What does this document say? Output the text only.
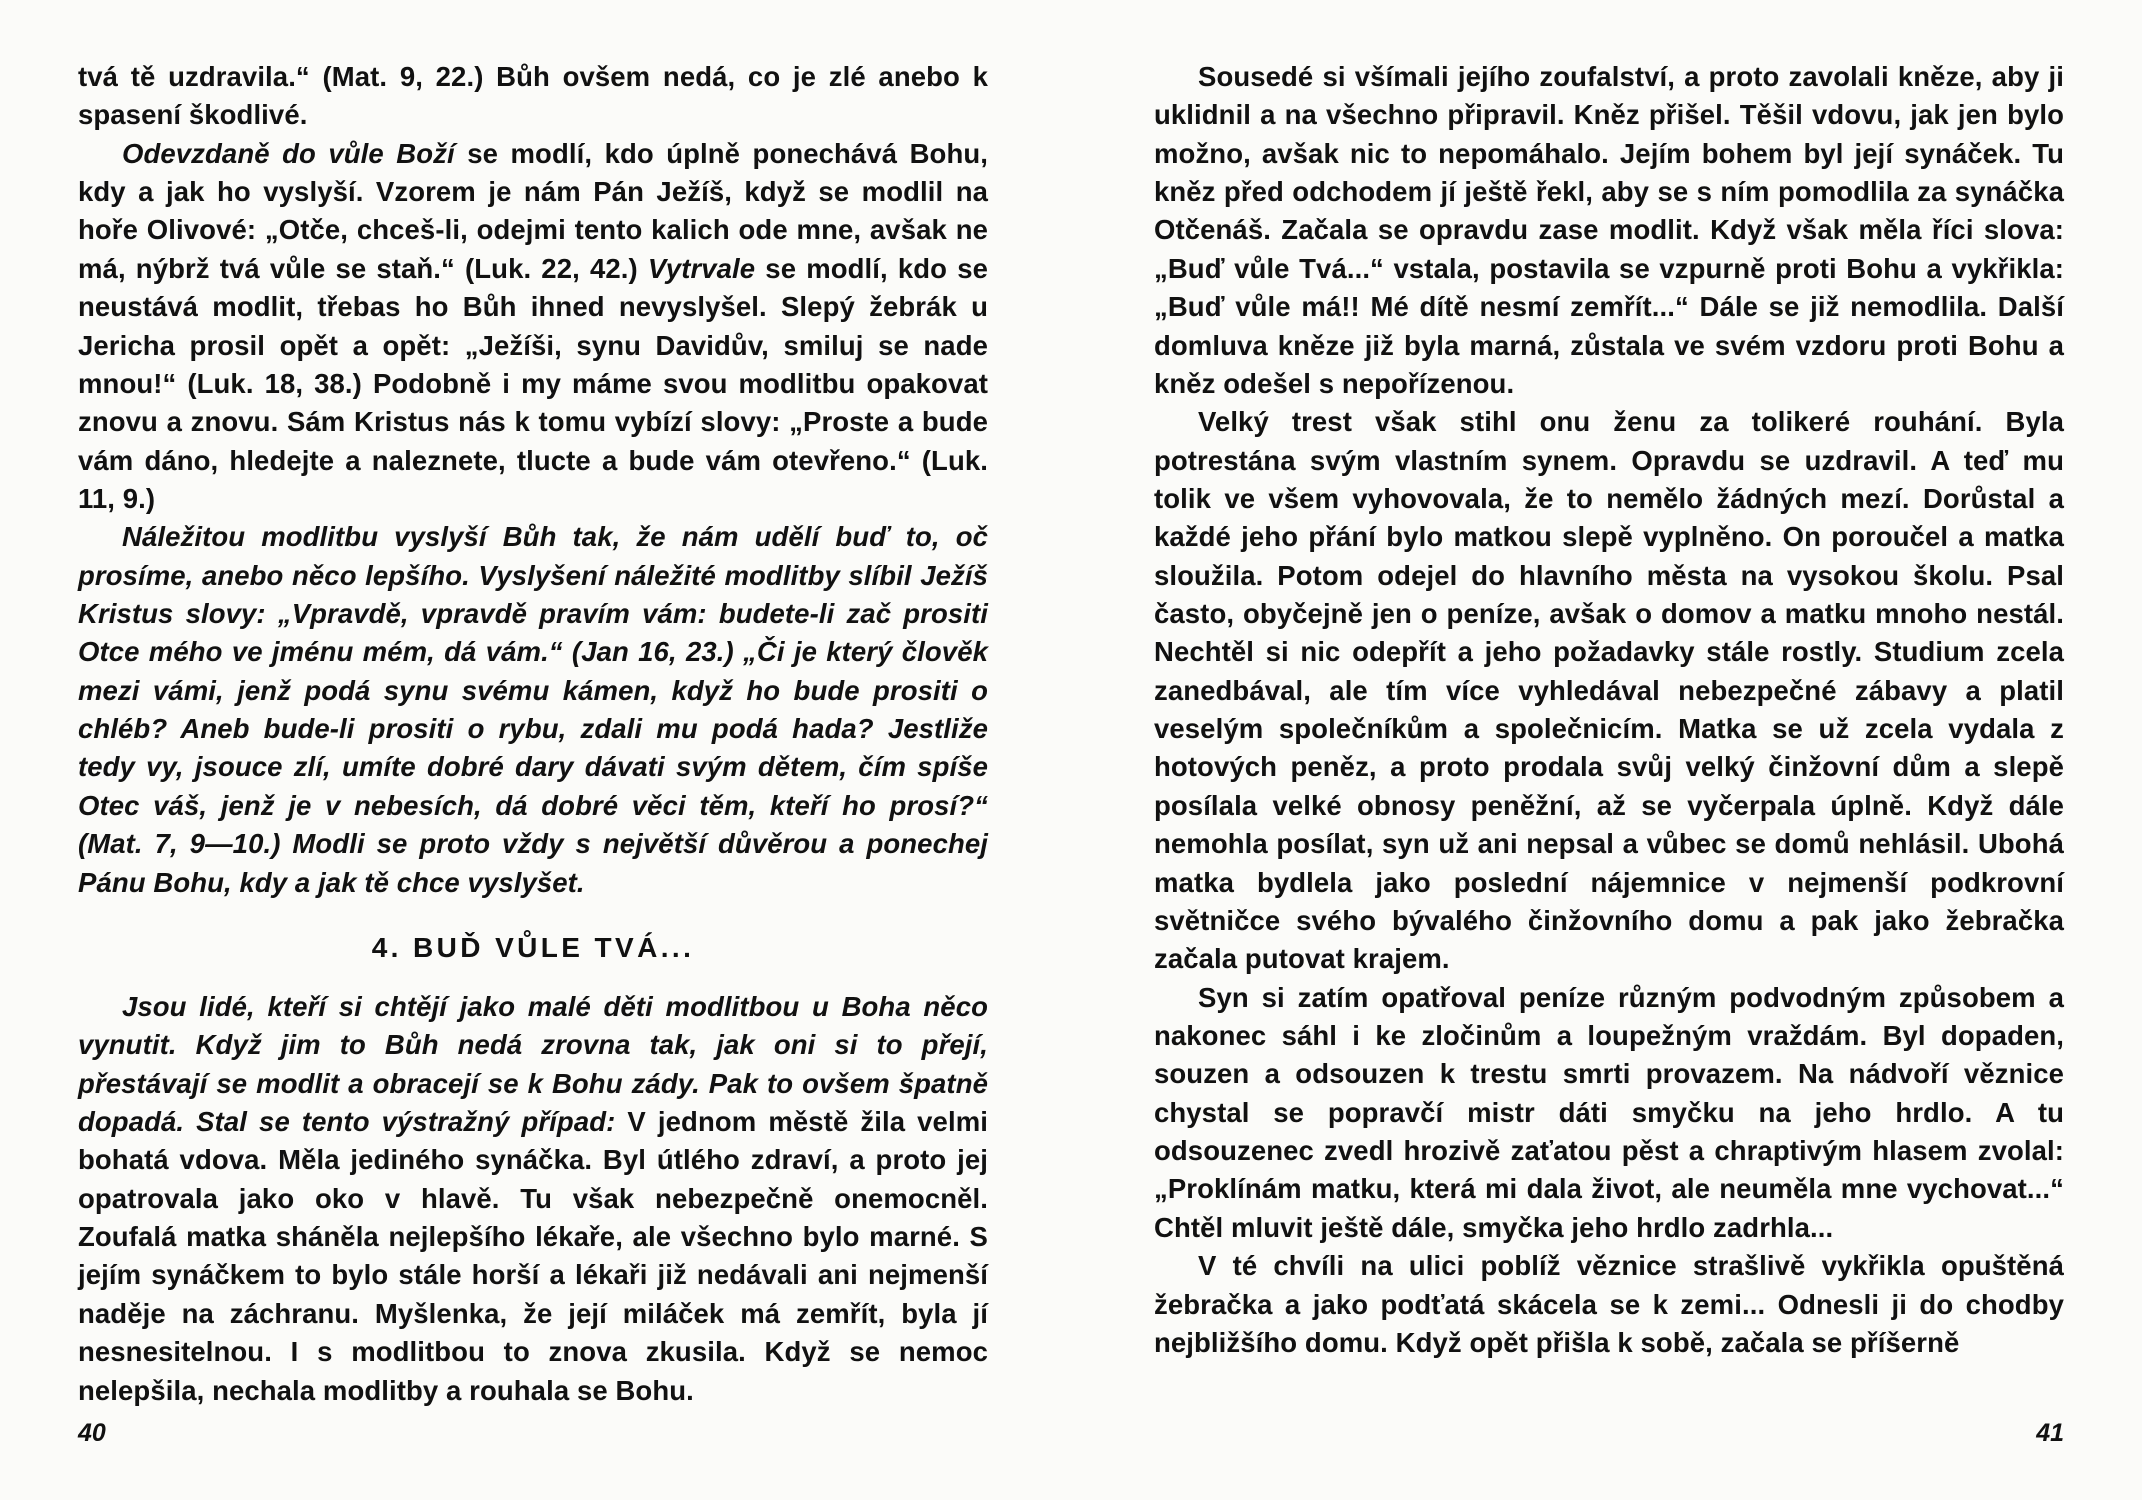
tvá tě uzdravila.“ (Mat. 9, 22.) Bůh ovšem nedá, co je zlé anebo k spasení škodlivé.

Odevzdaně do vůle Boží se modlí, kdo úplně ponechává Bohu, kdy a jak ho vyslyší. Vzorem je nám Pán Ježíš, když se modlil na hoře Olivové: „Otče, chceš-li, odejmi tento kalich ode mne, avšak ne má, nýbrž tvá vůle se staň.“ (Luk. 22, 42.) Vytrvale se modlí, kdo se neustává modlit, třebas ho Bůh ihned nevyslyšel. Slepý žebrák u Jericha prosil opět a opět: „Ježíši, synu Davidův, smiluj se nade mnou!“ (Luk. 18, 38.) Podobně i my máme svou modlitbu opakovat znovu a znovu. Sám Kristus nás k tomu vybízí slovy: „Proste a bude vám dáno, hledejte a naleznete, tlucte a bude vám otevřeno.“ (Luk. 11, 9.)

Náležitou modlitbu vyslyší Bůh tak, že nám udělí buď to, oč prosíme, anebo něco lepšího. Vyslyšení náležité modlitby slíbil Ježíš Kristus slovy: „Vpravdě, vpravdě pravím vám: budete-li zač prositi Otce mého ve jménu mém, dá vám.“ (Jan 16, 23.) „Či je který člověk mezi vámi, jenž podá synu svému kámen, když ho bude prositi o chléb? Aneb bude-li prositi o rybu, zdali mu podá hada? Jestliže tedy vy, jsouce zlí, umíte dobré dary dávati svým dětem, čím spíše Otec váš, jenž je v nebesích, dá dobré věci těm, kteří ho prosí?“ (Mat. 7, 9—10.) Modli se proto vždy s největší důvěrou a ponechej Pánu Bohu, kdy a jak tě chce vyslyšet.

4. BUĎ VŮLE TVÁ...

Jsou lidé, kteří si chtějí jako malé děti modlitbou u Boha něco vynutit. Když jim to Bůh nedá zrovna tak, jak oni si to přejí, přestávají se modlit a obracejí se k Bohu zády. Pak to ovšem špatně dopadá. Stal se tento výstražný případ: V jednom městě žila velmi bohatá vdova. Měla jediného synáčka. Byl útlého zdraví, a proto jej opatrovala jako oko v hlavě. Tu však nebezpečně onemocněl. Zoufalá matka sháněla nejlepšího lékaře, ale všechno bylo marné. S jejím synáčkem to bylo stále horší a lékaři již nedávali ani nejmenší naděje na záchranu. Myšlenka, že její miláček má zemřít, byla jí nesnesitelnou. I s modlitbou to znova zkusila. Když se nemoc nelepšila, nechala modlitby a rouhala se Bohu.

Sousedé si všímali jejího zoufalství, a proto zavolali kněze, aby ji uklidnil a na všechno připravil. Kněz přišel. Těšil vdovu, jak jen bylo možno, avšak nic to nepomáhalo. Jejím bohem byl její synáček. Tu kněz před odchodem jí ještě řekl, aby se s ním pomodlila za synáčka Otčenáš. Začala se opravdu zase modlit. Když však měla říci slova: „Buď vůle Tvá...“ vstala, postavila se vzpurně proti Bohu a vykřikla: „Buď vůle má!! Mé dítě nesmí zemřít...“ Dále se již nemodlila. Další domluva kněze již byla marná, zůstala ve svém vzdoru proti Bohu a kněz odešel s nepořízenou.

Velký trest však stihl onu ženu za tolikeré rouhání. Byla potrestána svým vlastním synem. Opravdu se uzdravil. A teď mu tolik ve všem vyhovovala, že to nemělo žádných mezí. Dorůstal a každé jeho přání bylo matkou slepě vyplněno. On poroučel a matka sloužila. Potom odejel do hlavního města na vysokou školu. Psal často, obyčejně jen o peníze, avšak o domov a matku mnoho nestál. Nechtěl si nic odepřít a jeho požadavky stále rostly. Studium zcela zanedbával, ale tím více vyhledával nebezpečné zábavy a platil veselým společníkům a společnicím. Matka se už zcela vydala z hotových peněz, a proto prodala svůj velký činžovní dům a slepě posílala velké obnosy peněžní, až se vyčerpala úplně. Když dále nemohla posílat, syn už ani nepsal a vůbec se domů nehlásil. Ubohá matka bydlela jako poslední nájemnice v nejmenší podkrovní světničce svého bývalého činžovního domu a pak jako žebračka začala putovat krajem.

Syn si zatím opatřoval peníze různým podvodným způsobem a nakonec sáhl i ke zločinům a loupežným vraždám. Byl dopaden, souzen a odsouzen k trestu smrti provazem. Na nádvoří věznice chystal se popravčí mistr dáti smyčku na jeho hrdlo. A tu odsouzenec zvedl hrozivě zaťatou pěst a chraptivým hlasem zvolal: „Proklínám matku, která mi dala život, ale neuměla mne vychovat...“ Chtěl mluvit ještě dále, smyčka jeho hrdlo zadrhla...

V té chvíli na ulici poblíž věznice strašlivě vykřikla opuštěná žebračka a jako podťatá skácela se k zemi... Odnesli ji do chodby nejbližšího domu. Když opět přišla k sobě, začala se příšerně

40	41
